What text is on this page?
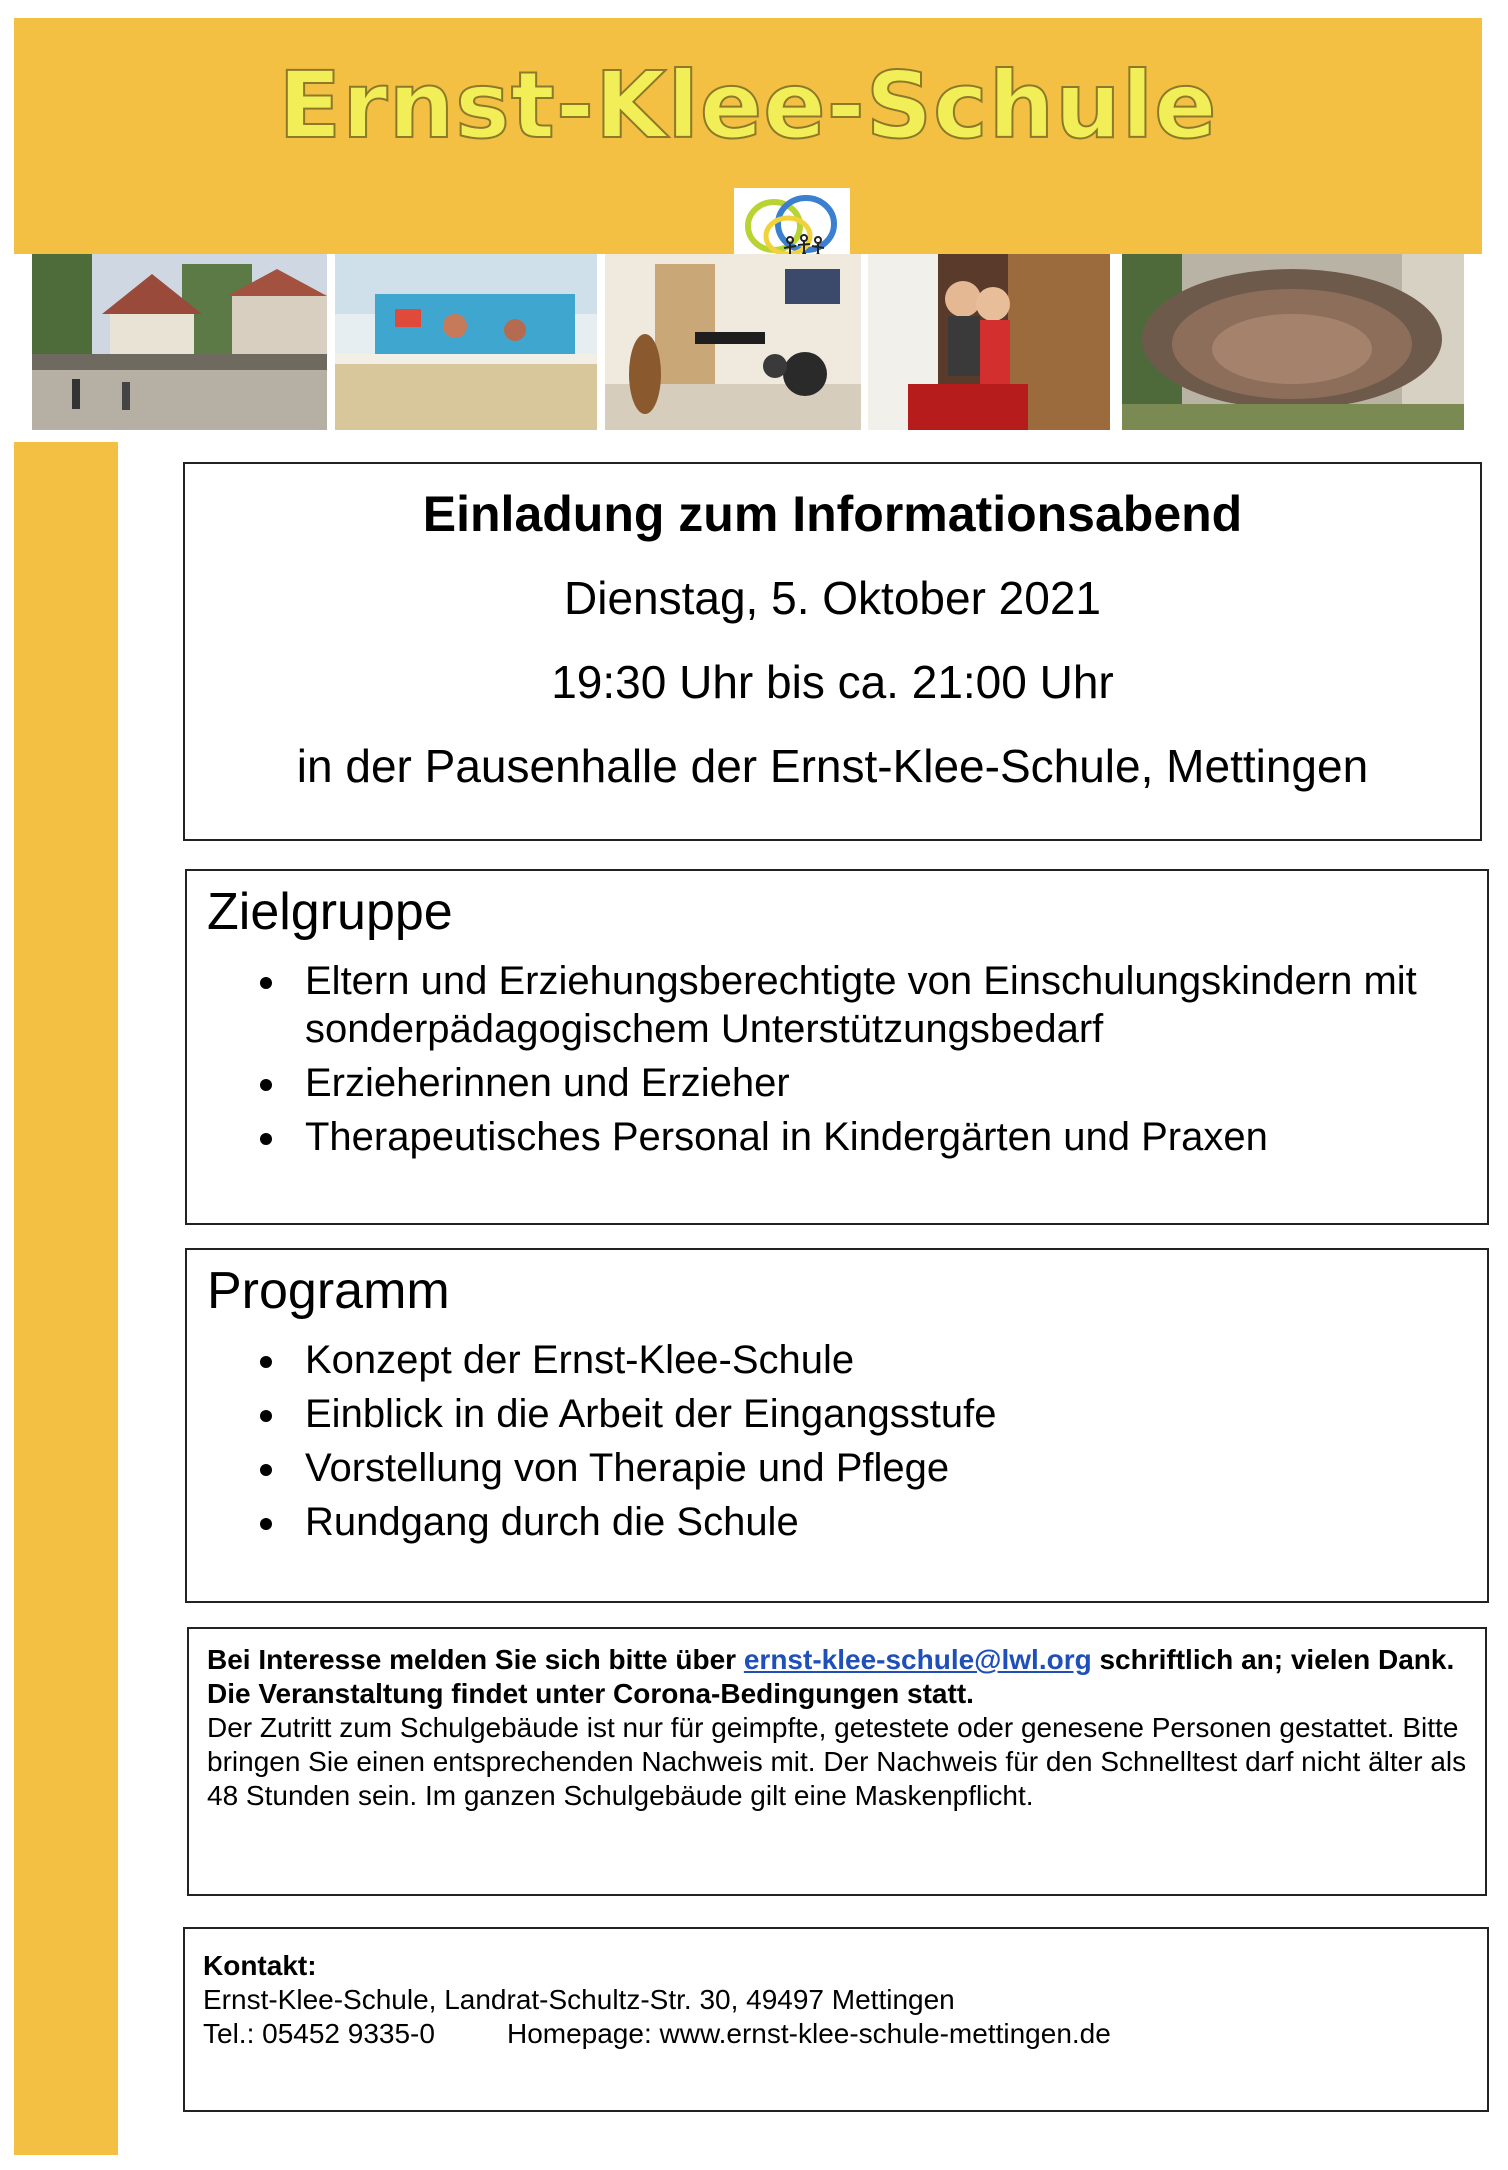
Ernst-Klee-Schule
Einladung zum Informationsabend
Dienstag, 5. Oktober 2021
19:30 Uhr bis ca. 21:00 Uhr
in der Pausenhalle der Ernst-Klee-Schule, Mettingen
Zielgruppe
Eltern und Erziehungsberechtigte von Einschulungskindern mit sonderpädagogischem Unterstützungsbedarf
Erzieherinnen und Erzieher
Therapeutisches Personal in Kindergärten und Praxen
Programm
Konzept der Ernst-Klee-Schule
Einblick in die Arbeit der Eingangsstufe
Vorstellung von Therapie und Pflege
Rundgang durch die Schule

Bei Interesse melden Sie sich bitte über ernst-klee-schule@lwl.org schriftlich an; vielen Dank. Die Veranstaltung findet unter Corona-Bedingungen statt.

Der Zutritt zum Schulgebäude ist nur für geimpfte, getestete oder genesene Personen gestattet. Bitte bringen Sie einen entsprechenden Nachweis mit. Der Nachweis für den Schnelltest darf nicht älter als 48 Stunden sein. Im ganzen Schulgebäude gilt eine Maskenpflicht.

Kontakt:

Ernst-Klee-Schule, Landrat-Schultz-Str. 30, 49497 Mettingen

Tel.: 05452 9335-0	Homepage: www.ernst-klee-schule-mettingen.de
